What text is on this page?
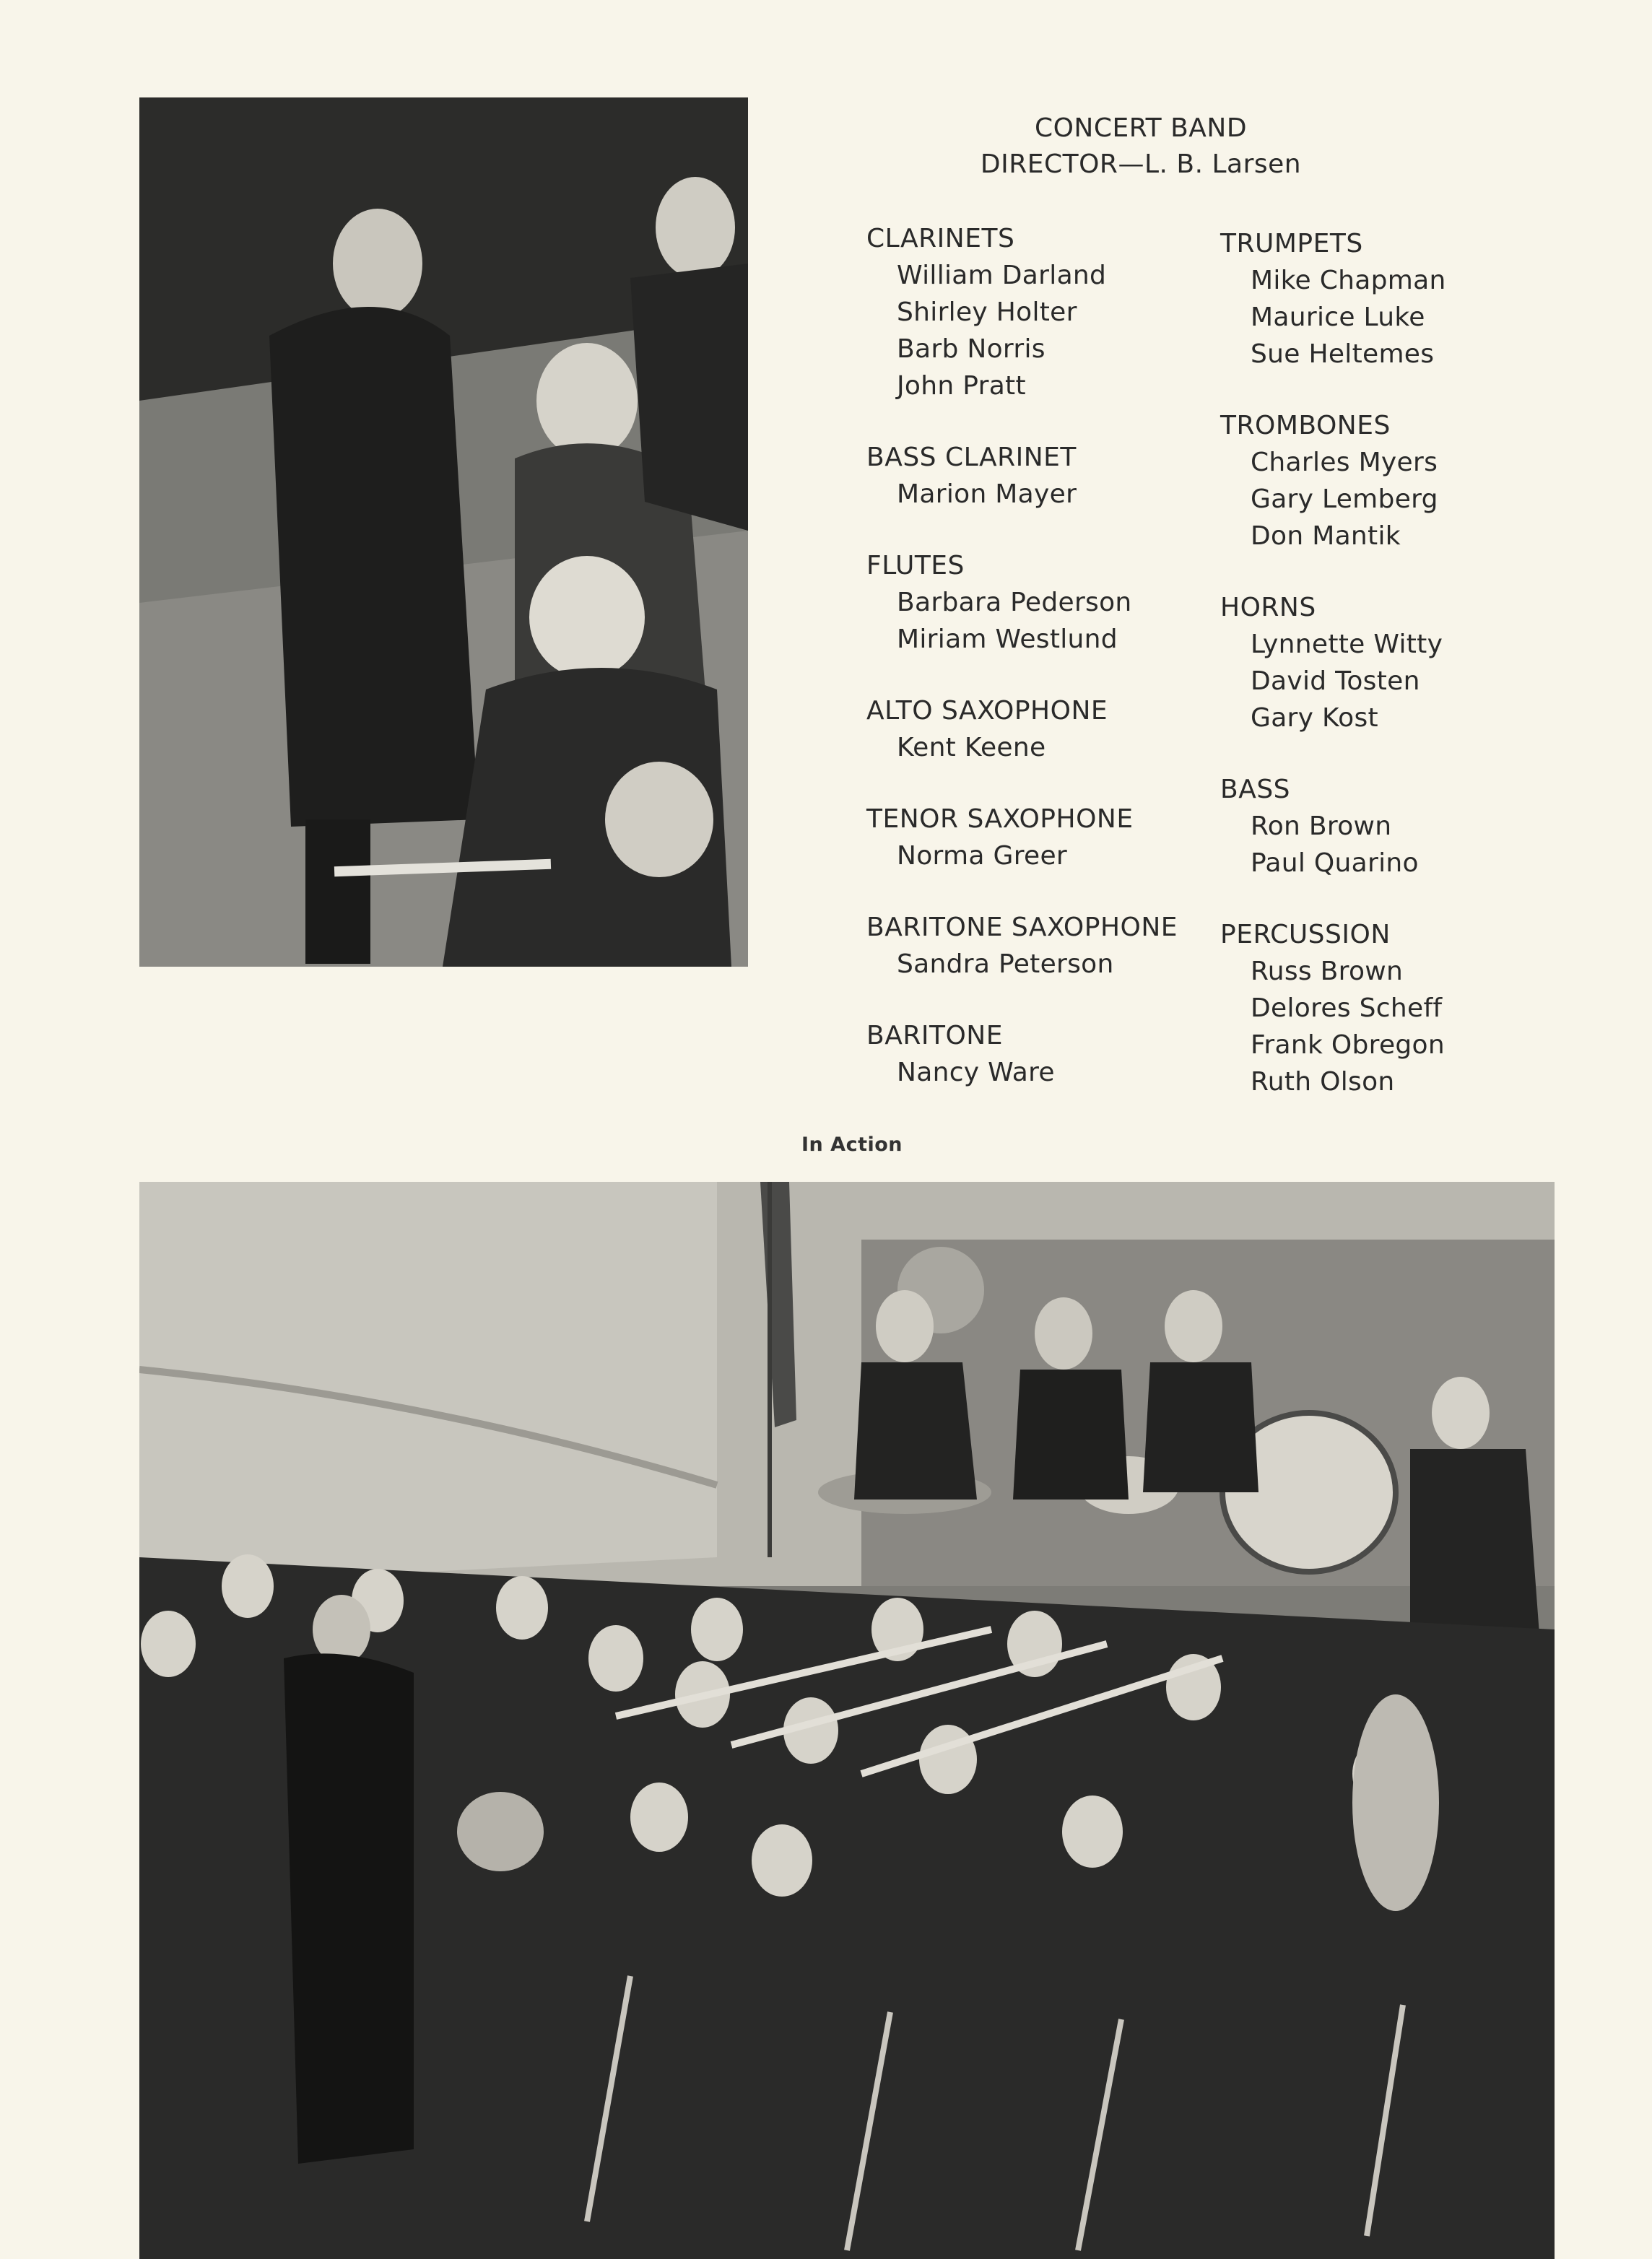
CONCERT BAND
DIRECTOR—L. B. Larsen
CLARINETS
William Darland
Shirley Holter
Barb Norris
John Pratt
BASS CLARINET
Marion Mayer
FLUTES
Barbara Pederson
Miriam Westlund
ALTO SAXOPHONE
Kent Keene
TENOR SAXOPHONE
Norma Greer
BARITONE SAXOPHONE
Sandra Peterson
BARITONE
Nancy Ware
TRUMPETS
Mike Chapman
Maurice Luke
Sue Heltemes
TROMBONES
Charles Myers
Gary Lemberg
Don Mantik
HORNS
Lynnette Witty
David Tosten
Gary Kost
BASS
Ron Brown
Paul Quarino
PERCUSSION
Russ Brown
Delores Scheff
Frank Obregon
Ruth Olson
In Action
